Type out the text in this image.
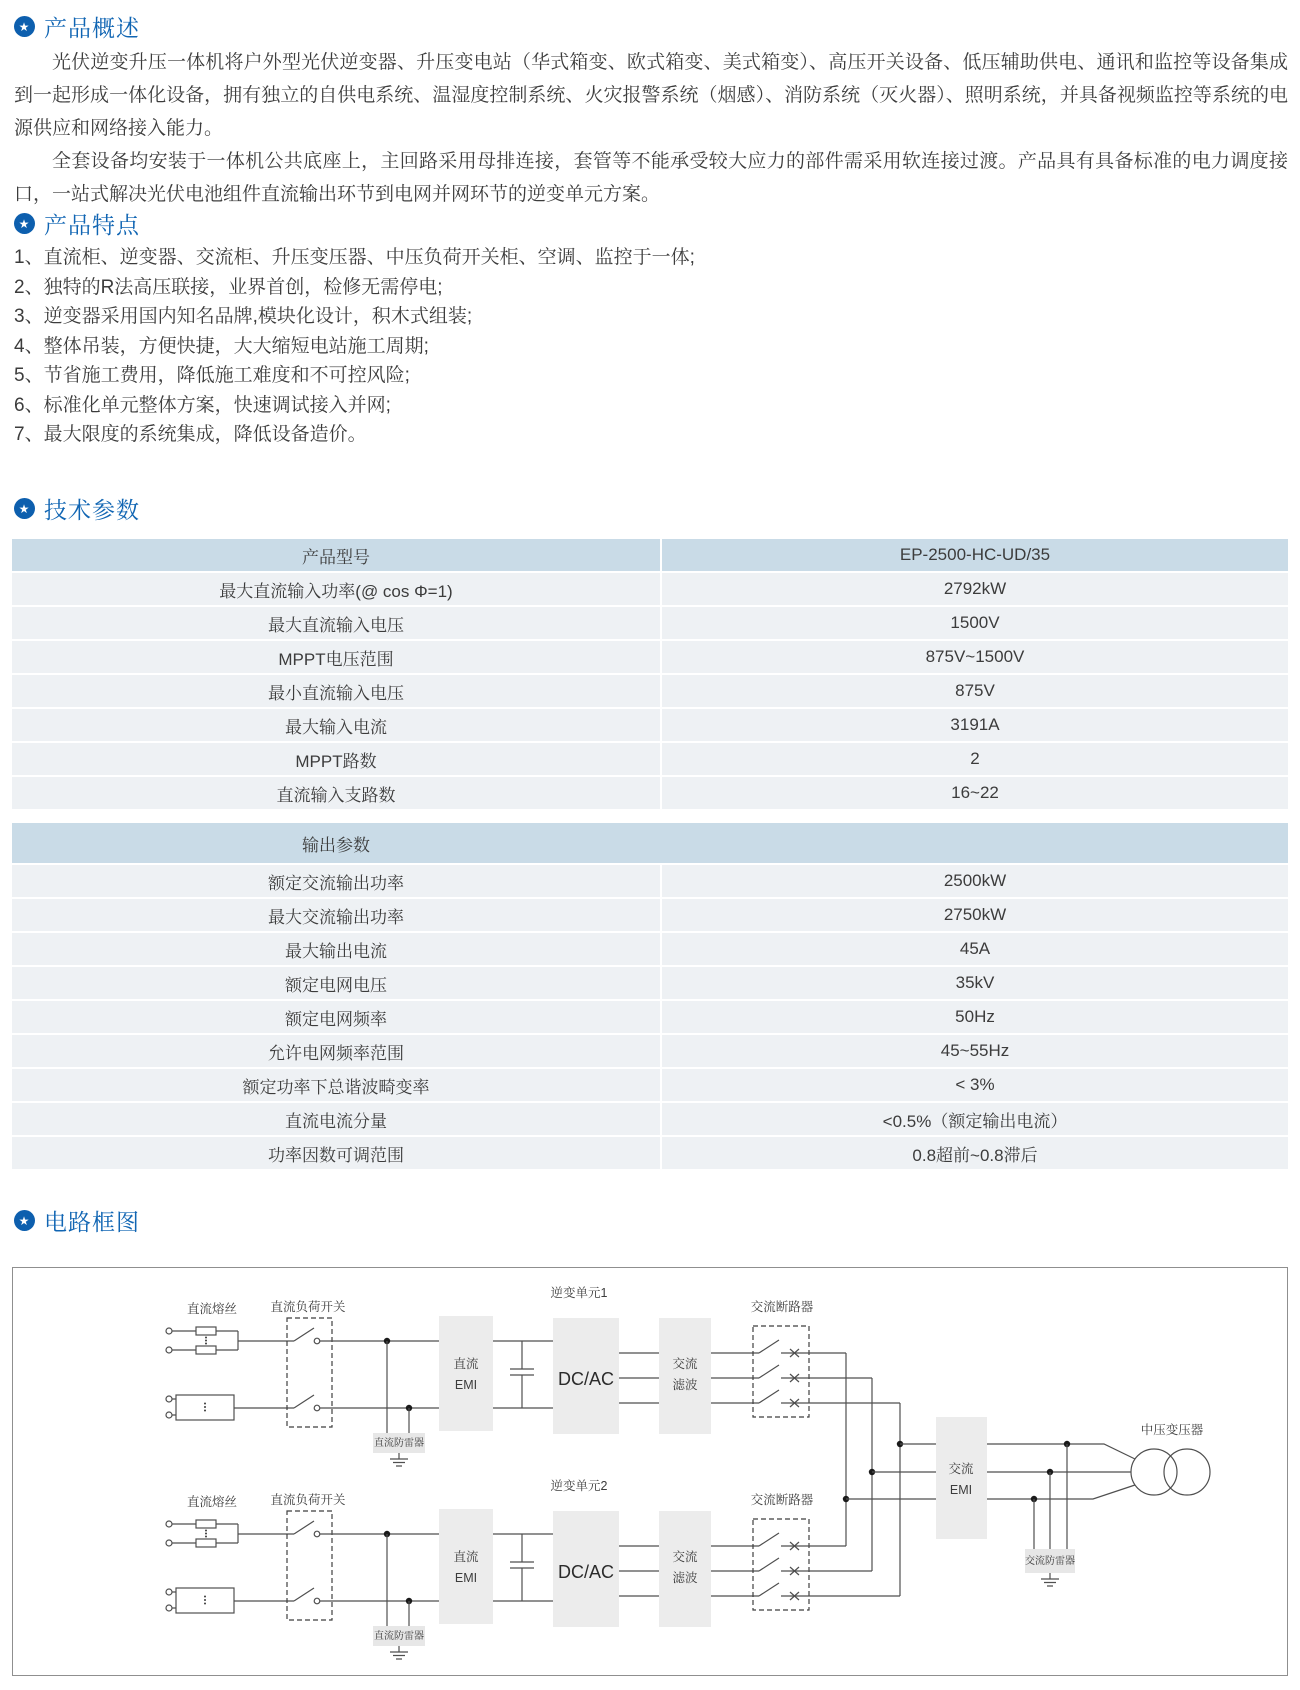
★ 产品概述
光伏逆变升压一体机将户外型光伏逆变器、升压变电站（华式箱变、欧式箱变、美式箱变）、高压开关设备、低压辅助供电、通讯和监控等设备集成到一起形成一体化设备，拥有独立的自供电系统、温湿度控制系统、火灾报警系统（烟感）、消防系统（灭火器）、照明系统，并具备视频监控等系统的电源供应和网络接入能力。
全套设备均安装于一体机公共底座上，主回路采用母排连接，套管等不能承受较大应力的部件需采用软连接过渡。产品具有具备标准的电力调度接口，一站式解决光伏电池组件直流输出环节到电网并网环节的逆变单元方案。
★ 产品特点
1、直流柜、逆变器、交流柜、升压变压器、中压负荷开关柜、空调、监控于一体;
2、独特的R法高压联接，业界首创，检修无需停电;
3、逆变器采用国内知名品牌,模块化设计，积木式组装;
4、整体吊装，方便快捷，大大缩短电站施工周期;
5、节省施工费用，降低施工难度和不可控风险;
6、标准化单元整体方案，快速调试接入并网;
7、最大限度的系统集成，降低设备造价。
★ 技术参数
产品型号	EP-2500-HC-UD/35
最大直流输入功率(@ cos Φ=1)	2792kW
最大直流输入电压	1500V
MPPT电压范围	875V~1500V
最小直流输入电压	875V
最大输入电流	3191A
MPPT路数	2
直流输入支路数	16~22
输出参数
额定交流输出功率	2500kW
最大交流输出功率	2750kW
最大输出电流	45A
额定电网电压	35kV
额定电网频率	50Hz
允许电网频率范围	45~55Hz
额定功率下总谐波畸变率	< 3%
直流电流分量	<0.5%（额定输出电流）
功率因数可调范围	0.8超前~0.8滞后
★ 电路框图
直流熔丝	直流负荷开关
逆变单元1
交流断路器
直流防雷器
直流
EMI	DC/AC
交流
滤波
直流熔丝	直流负荷开关
逆变单元2
交流断路器
直流防雷器
直流
EMI	DC/AC
交流
滤波
交流
EMI
交流防雷器
中压变压器
